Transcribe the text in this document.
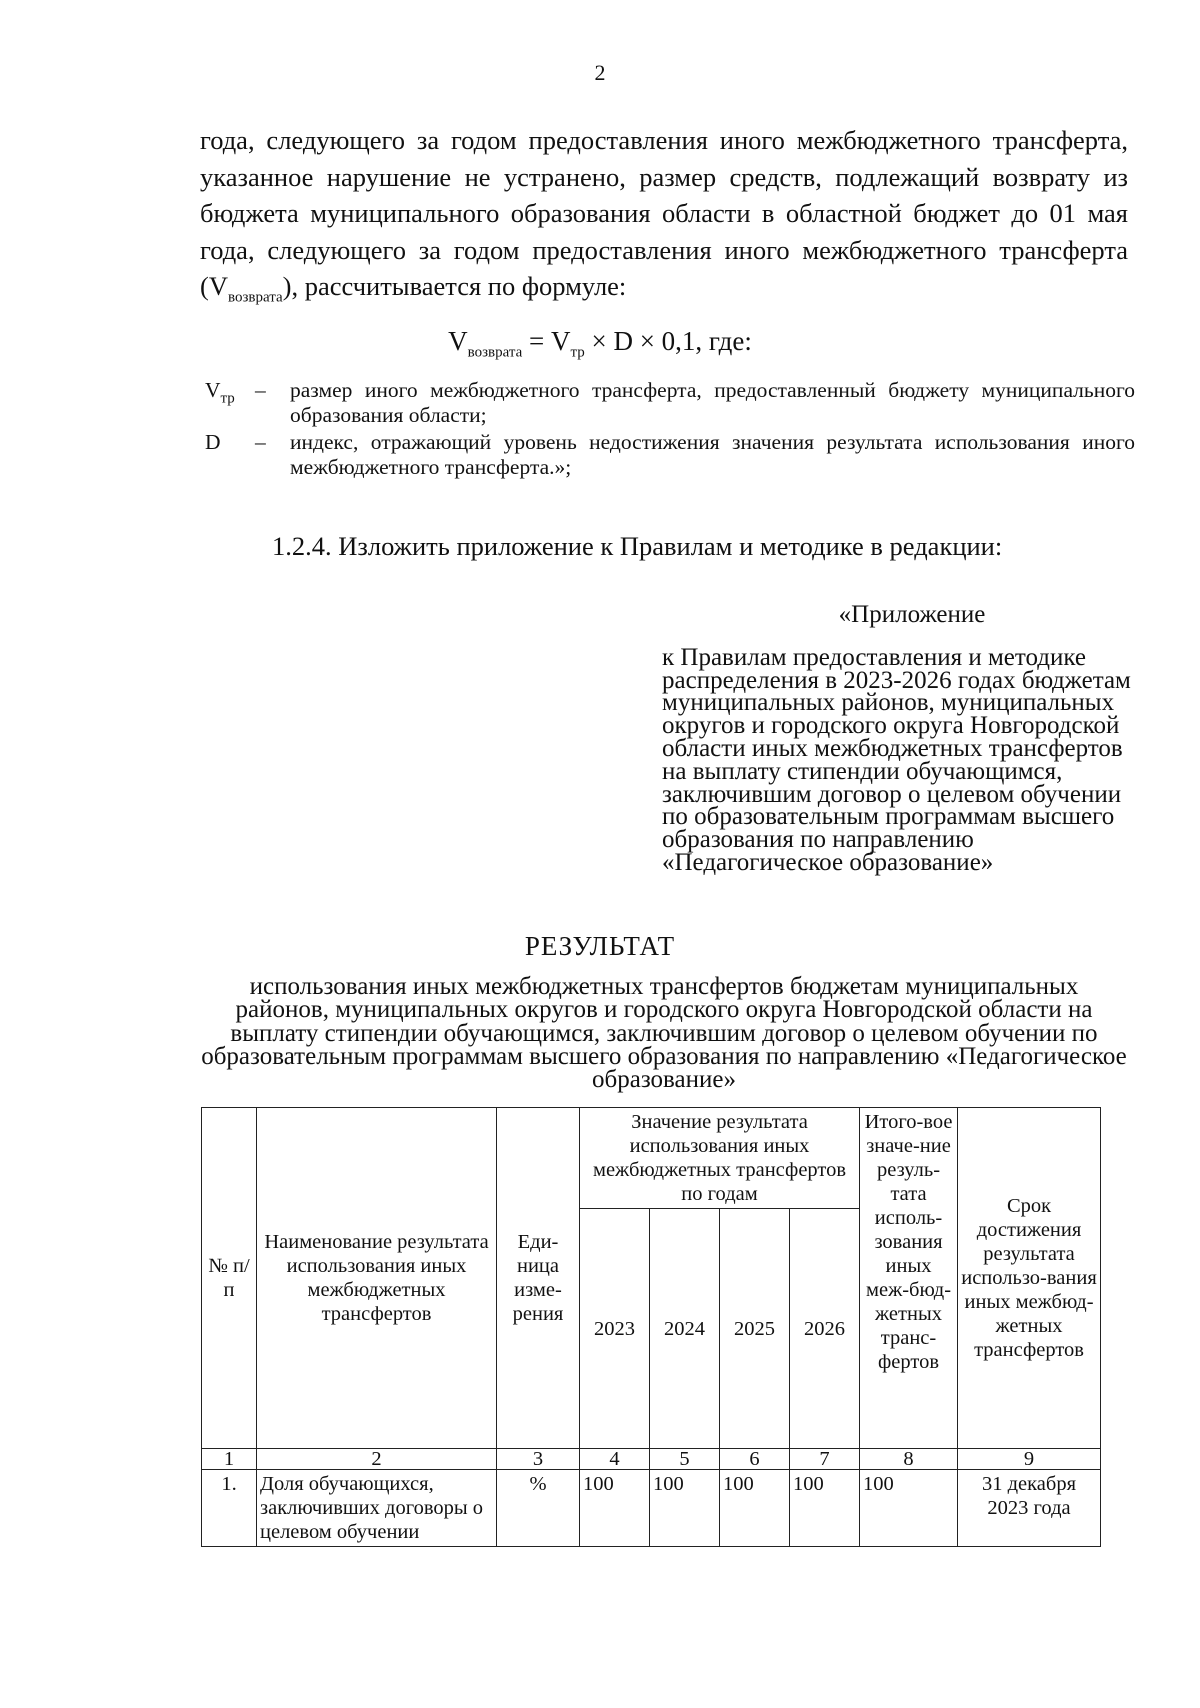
2

года, следующего за годом предоставления иного межбюджетного трансферта, указанное нарушение не устранено, размер средств, подлежащий возврату из бюджета муниципального образования области в областной бюджет до 01 мая года, следующего за годом предоставления иного межбюджетного трансферта $(V_{возврата})$, рассчитывается по формуле:

$V_{возврата} = V_{тр} \times D \times 0,1$, где:
$V_{тр}$ –	размер иного межбюджетного трансферта, предоставленный бюджету муниципального образования области;
D	–	индекс, отражающий уровень недостижения значения результата использования иного межбюджетного трансферта.»;
1.2.4. Изложить приложение к Правилам и методике в редакции:
«Приложение
к Правилам предоставления и методике распределения в 2023-2026 годах бюджетам муниципальных районов, муниципальных округов и городского округа Новгородской области иных межбюджетных трансфертов на выплату стипендии обучающимся, заключившим договор о целевом обучении по образовательным программам высшего образования по направлению «Педагогическое образование»
РЕЗУЛЬТАТ
использования иных межбюджетных трансфертов бюджетам муниципальных районов, муниципальных округов и городского округа Новгородской области на выплату стипендии обучающимся, заключившим договор о целевом обучении по образовательным программам высшего образования по направлению «Педагогическое образование»
№ п/п	Наименование результата использования иных межбюджетных трансфертов	Еди-ница изме-рения	Значение результата использования иных межбюджетных трансфертов по годам				Итого-вое значе-ние резуль-тата исполь-зования иных меж-бюд-жетных транс-фертов	Срок достижения результата использо-вания иных межбюд-жетных трансфертов
			2023	2024	2025	2026		
1	2	3	4	5	6	7	8	9
1.	Доля обучающихся, заключивших договоры о целевом обучении	%	100	100	100	100	100	31 декабря 2023 года
